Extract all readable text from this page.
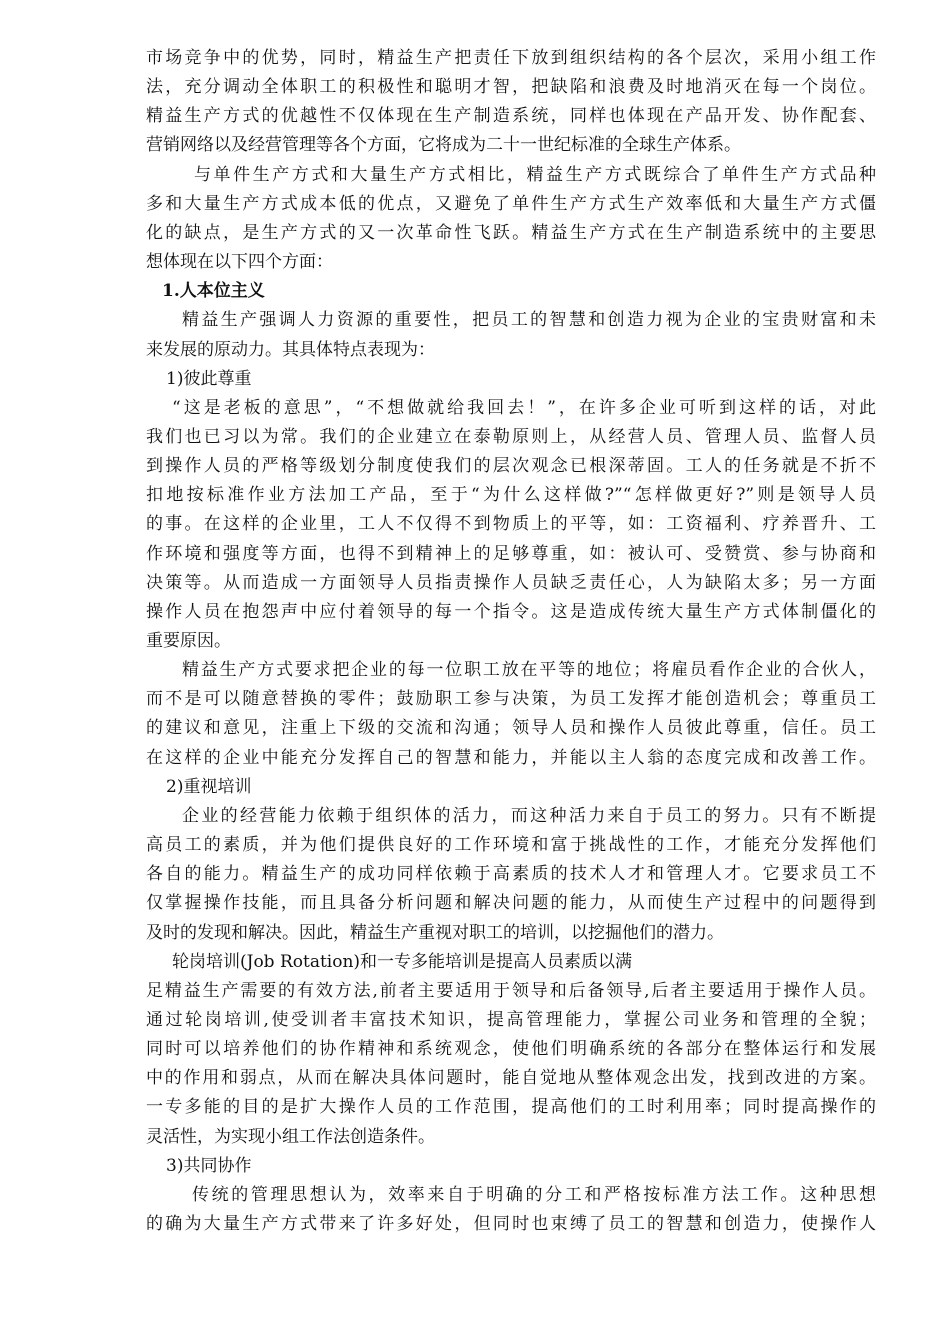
市场竞争中的优势，同时，精益生产把责任下放到组织结构的各个层次，采用小组工作
法，充分调动全体职工的积极性和聪明才智，把缺陷和浪费及时地消灭在每一个岗位。
精益生产方式的优越性不仅体现在生产制造系统，同样也体现在产品开发、协作配套、
营销网络以及经营管理等各个方面，它将成为二十一世纪标准的全球生产体系。
与单件生产方式和大量生产方式相比，精益生产方式既综合了单件生产方式品种
多和大量生产方式成本低的优点，又避免了单件生产方式生产效率低和大量生产方式僵
化的缺点，是生产方式的又一次革命性飞跃。精益生产方式在生产制造系统中的主要思
想体现在以下四个方面：
1.人本位主义
精益生产强调人力资源的重要性，把员工的智慧和创造力视为企业的宝贵财富和未
来发展的原动力。其具体特点表现为：
1)彼此尊重
“这是老板的意思”，“不想做就给我回去！”，在许多企业可听到这样的话，对此
我们也已习以为常。我们的企业建立在泰勒原则上，从经营人员、管理人员、监督人员
到操作人员的严格等级划分制度使我们的层次观念已根深蒂固。工人的任务就是不折不
扣地按标准作业方法加工产品，至于“为什么这样做?”“怎样做更好?”则是领导人员
的事。在这样的企业里，工人不仅得不到物质上的平等，如：工资福利、疗养晋升、工
作环境和强度等方面，也得不到精神上的足够尊重，如：被认可、受赞赏、参与协商和
决策等。从而造成一方面领导人员指责操作人员缺乏责任心，人为缺陷太多；另一方面
操作人员在抱怨声中应付着领导的每一个指令。这是造成传统大量生产方式体制僵化的
重要原因。
精益生产方式要求把企业的每一位职工放在平等的地位；将雇员看作企业的合伙人，
而不是可以随意替换的零件；鼓励职工参与决策，为员工发挥才能创造机会；尊重员工
的建议和意见，注重上下级的交流和沟通；领导人员和操作人员彼此尊重，信任。员工
在这样的企业中能充分发挥自己的智慧和能力，并能以主人翁的态度完成和改善工作。
2)重视培训
企业的经营能力依赖于组织体的活力，而这种活力来自于员工的努力。只有不断提
高员工的素质，并为他们提供良好的工作环境和富于挑战性的工作，才能充分发挥他们
各自的能力。精益生产的成功同样依赖于高素质的技术人才和管理人才。它要求员工不
仅掌握操作技能，而且具备分析问题和解决问题的能力，从而使生产过程中的问题得到
及时的发现和解决。因此，精益生产重视对职工的培训，以挖掘他们的潜力。
轮岗培训(Job Rotation)和一专多能培训是提高人员素质以满
足精益生产需要的有效方法,前者主要适用于领导和后备领导,后者主要适用于操作人员。
通过轮岗培训,使受训者丰富技术知识，提高管理能力，掌握公司业务和管理的全貌；
同时可以培养他们的协作精神和系统观念，使他们明确系统的各部分在整体运行和发展
中的作用和弱点，从而在解决具体问题时，能自觉地从整体观念出发，找到改进的方案。
一专多能的目的是扩大操作人员的工作范围，提高他们的工时利用率；同时提高操作的
灵活性，为实现小组工作法创造条件。
3)共同协作
传统的管理思想认为，效率来自于明确的分工和严格按标准方法工作。这种思想
的确为大量生产方式带来了许多好处，但同时也束缚了员工的智慧和创造力，使操作人
